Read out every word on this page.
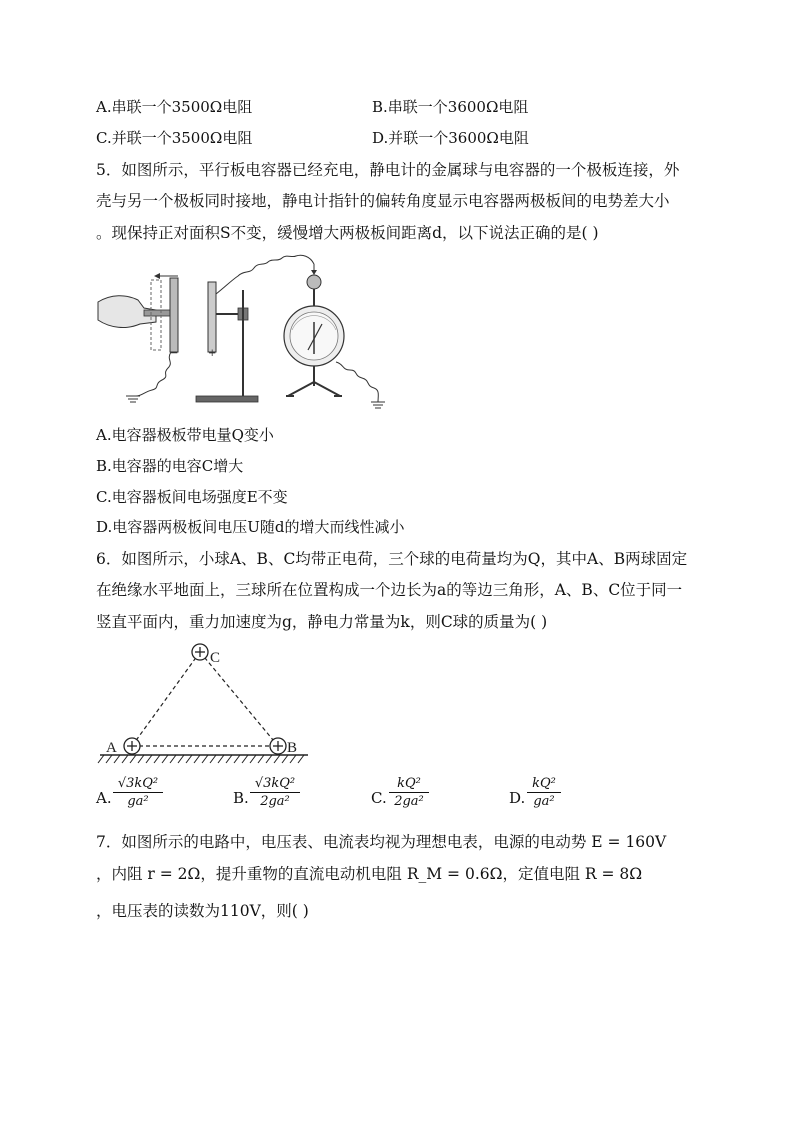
A.串联一个3500Ω电阻	B.串联一个3600Ω电阻
C.并联一个3500Ω电阻	D.并联一个3600Ω电阻
5．如图所示，平行板电容器已经充电，静电计的金属球与电容器的一个极板连接，外
壳与另一个极板同时接地，静电计指针的偏转角度显示电容器两极板间的电势差大小
。现保持正对面积S不变，缓慢增大两极板间距离d，以下说法正确的是( )
−	+
A.电容器极板带电量Q变小
B.电容器的电容C增大
C.电容器板间电场强度E不变
D.电容器两极板间电压U随d的增大而线性减小
6．如图所示，小球A、B、C均带正电荷，三个球的电荷量均为Q，其中A、B两球固定
在绝缘水平地面上，三球所在位置构成一个边长为a的等边三角形，A、B、C位于同一
竖直平面内，重力加速度为g，静电力常量为k，则C球的质量为( )
C
A	B
A.
√3kQ²
ga²	B.
√3kQ²
2ga²	C.
kQ²
2ga²	D.
kQ²
ga²
7．如图所示的电路中，电压表、电流表均视为理想电表，电源的电动势 E = 160V
，内阻 r = 2Ω，提升重物的直流电动机电阻 R_M = 0.6Ω，定值电阻 R = 8Ω
，电压表的读数为110V，则( )
